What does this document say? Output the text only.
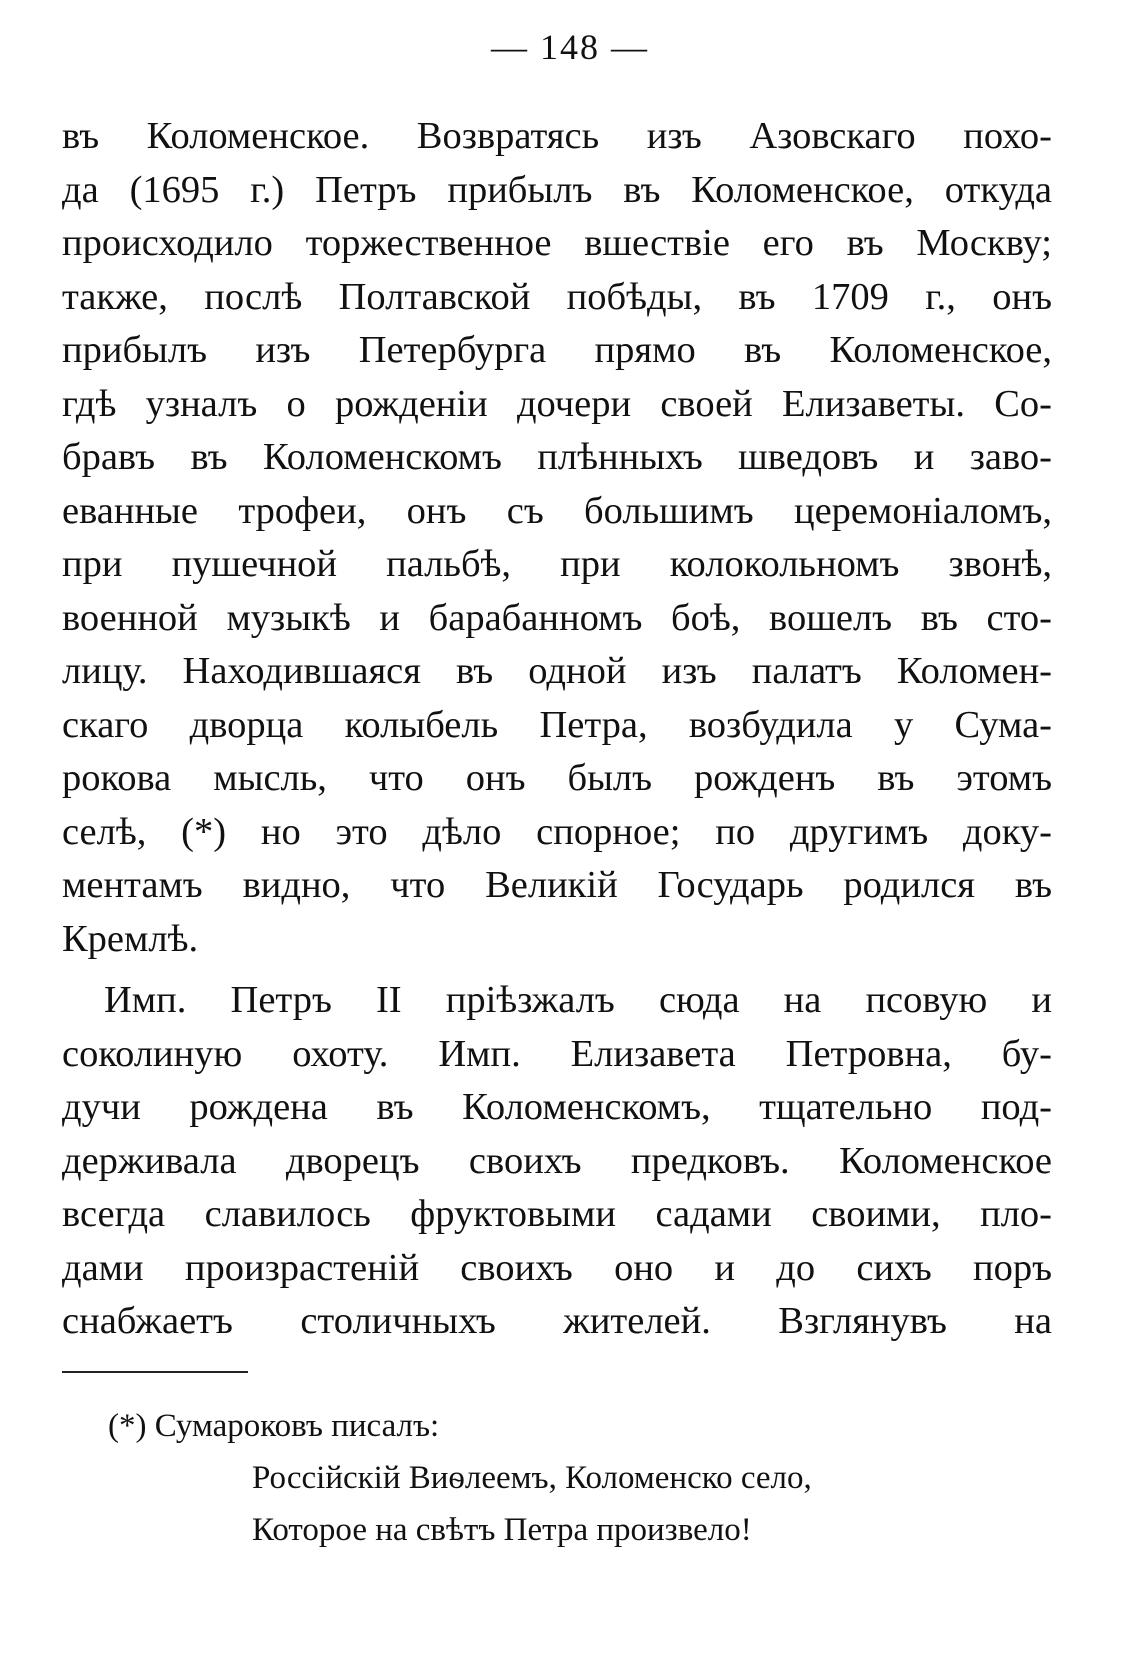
— 148 —
въ Коломенское. Возвратясь изъ Азовскаго похо-
да (1695 г.) Петръ прибылъ въ Коломенское, откуда
происходило торжественное вшествіе его въ Москву;
также, послѣ Полтавской побѣды, въ 1709 г., онъ
прибылъ изъ Петербурга прямо въ Коломенское,
гдѣ узналъ о рожденіи дочери своей Елизаветы. Со-
бравъ въ Коломенскомъ плѣнныхъ шведовъ и заво-
еванные трофеи, онъ съ большимъ церемоніаломъ,
при пушечной пальбѣ, при колокольномъ звонѣ,
военной музыкѣ и барабанномъ боѣ, вошелъ въ сто-
лицу. Находившаяся въ одной изъ палатъ Коломен-
скаго дворца колыбель Петра, возбудила у Сума-
рокова мысль, что онъ былъ рожденъ въ этомъ
селѣ, (*) но это дѣло спорное; по другимъ доку-
ментамъ видно, что Великій Государь родился въ
Кремлѣ.
Имп. Петръ II пріѣзжалъ сюда на псовую и
соколиную охоту. Имп. Елизавета Петровна, бу-
дучи рождена въ Коломенскомъ, тщательно под-
держивала дворецъ своихъ предковъ. Коломенское
всегда славилось фруктовыми садами своими, пло-
дами произрастеній своихъ оно и до сихъ поръ
снабжаетъ столичныхъ жителей. Взглянувъ на
(*) Сумароковъ писалъ:
Россійскій Виѳлеемъ, Коломенско село,
Которое на свѣтъ Петра произвело!
